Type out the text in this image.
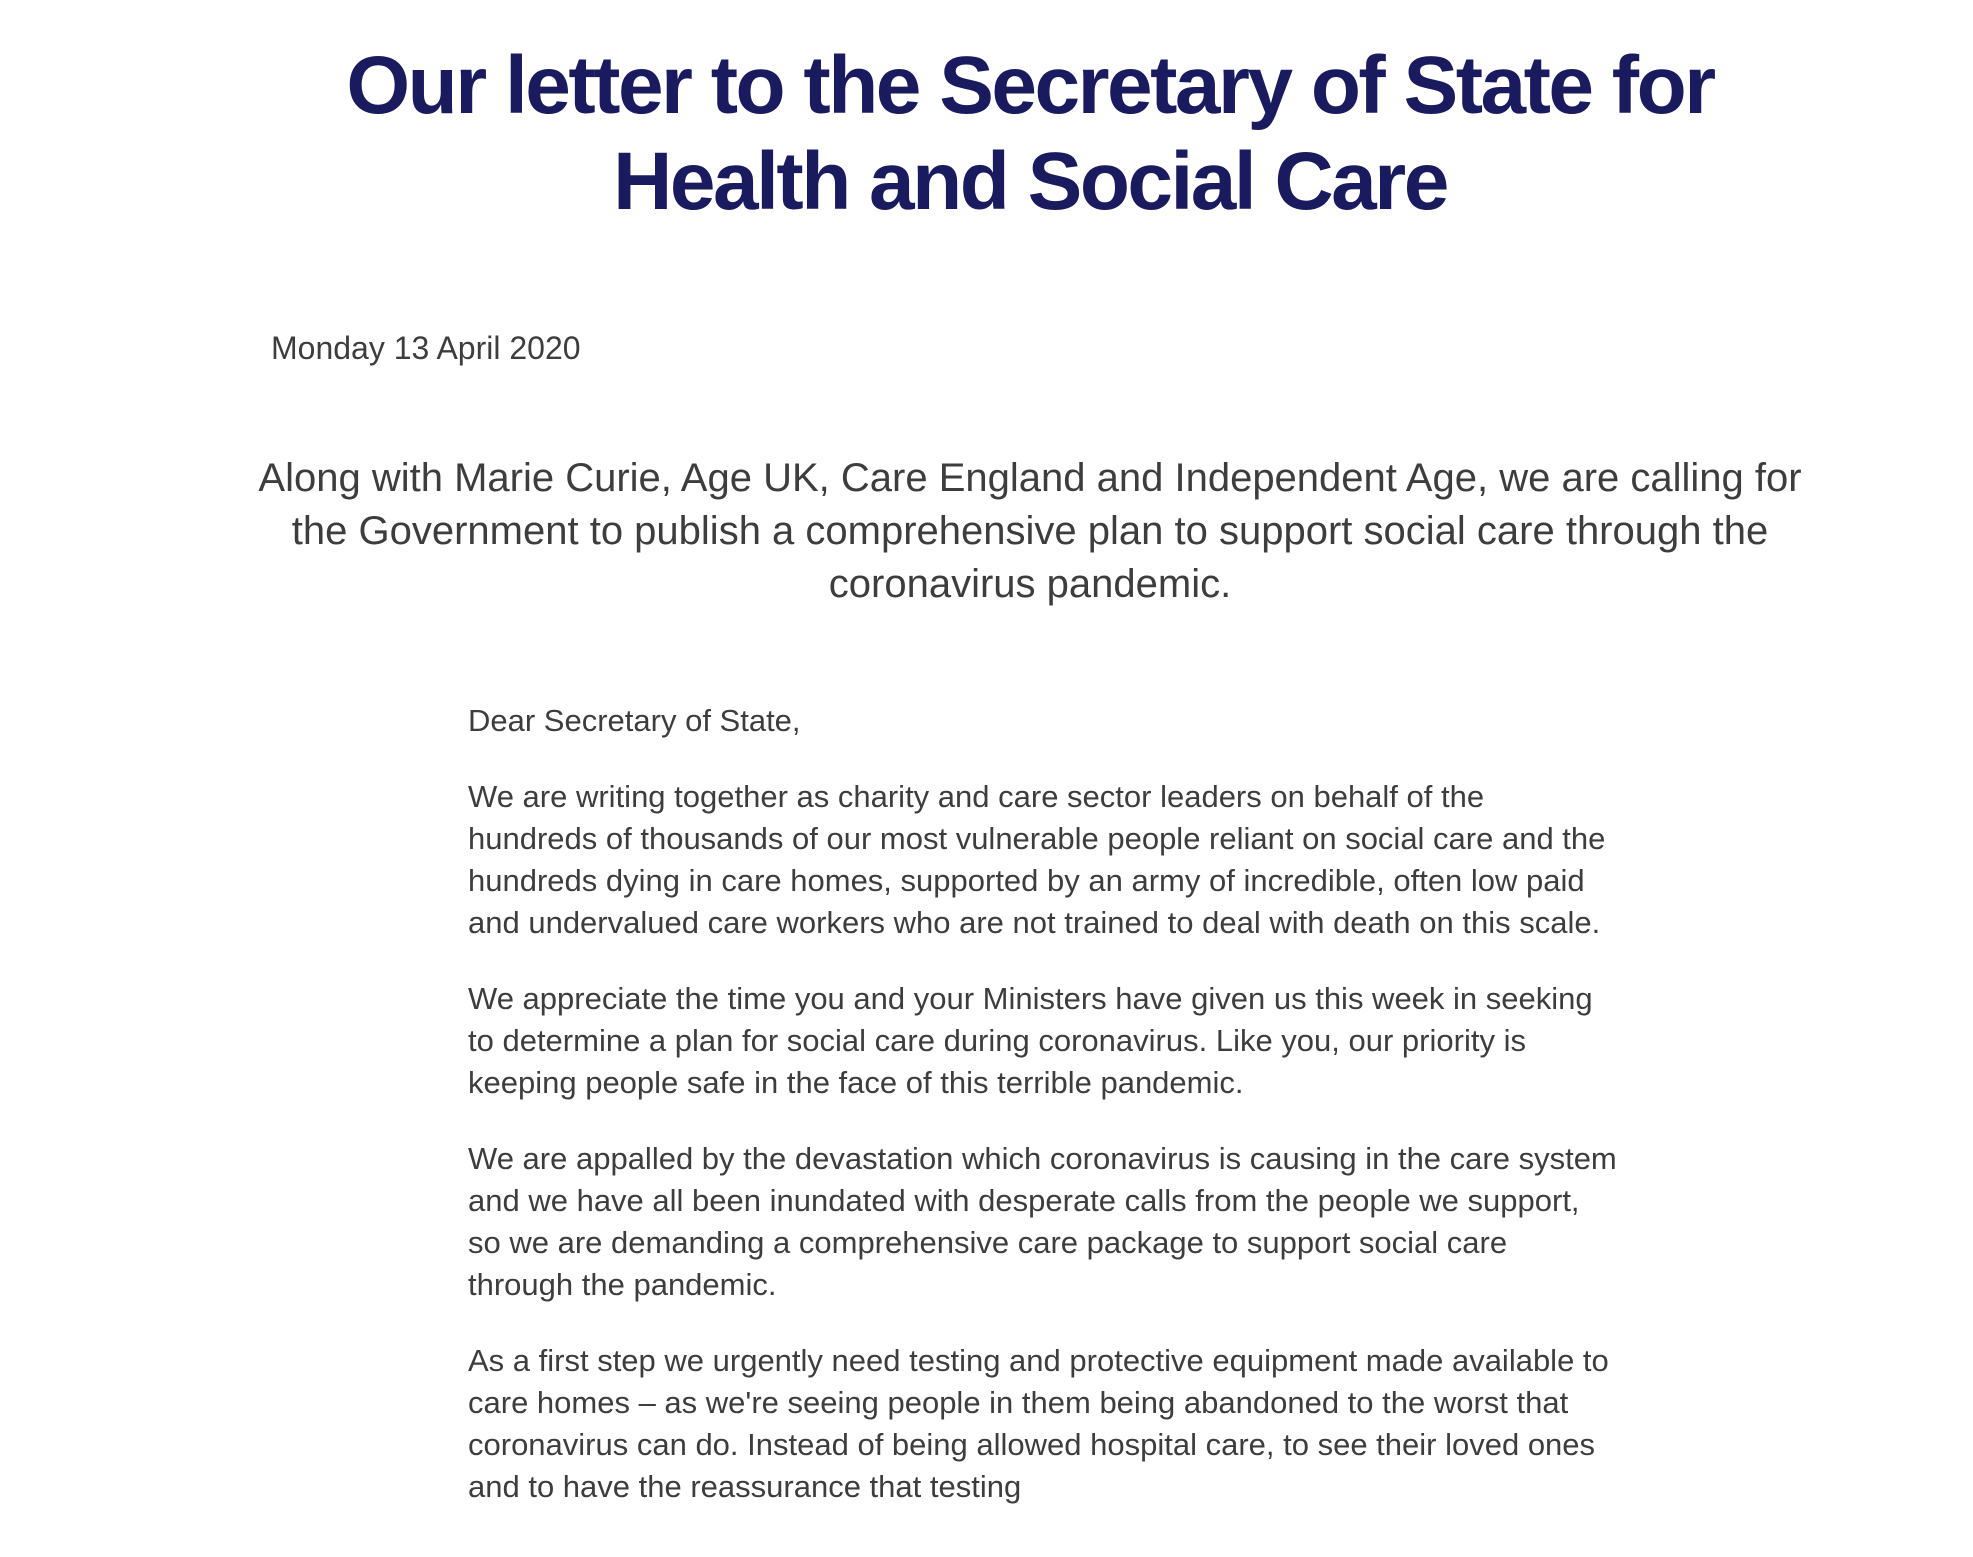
Our letter to the Secretary of State for Health and Social Care
Monday 13 April 2020

Along with Marie Curie, Age UK, Care England and Independent Age, we are calling for the Government to publish a comprehensive plan to support social care through the coronavirus pandemic.

Dear Secretary of State,

We are writing together as charity and care sector leaders on behalf of the hundreds of thousands of our most vulnerable people reliant on social care and the hundreds dying in care homes, supported by an army of incredible, often low paid and undervalued care workers who are not trained to deal with death on this scale.

We appreciate the time you and your Ministers have given us this week in seeking to determine a plan for social care during coronavirus. Like you, our priority is keeping people safe in the face of this terrible pandemic.

We are appalled by the devastation which coronavirus is causing in the care system and we have all been inundated with desperate calls from the people we support, so we are demanding a comprehensive care package to support social care through the pandemic.

As a first step we urgently need testing and protective equipment made available to care homes – as we're seeing people in them being abandoned to the worst that coronavirus can do. Instead of being allowed hospital care, to see their loved ones and to have the reassurance that testing
